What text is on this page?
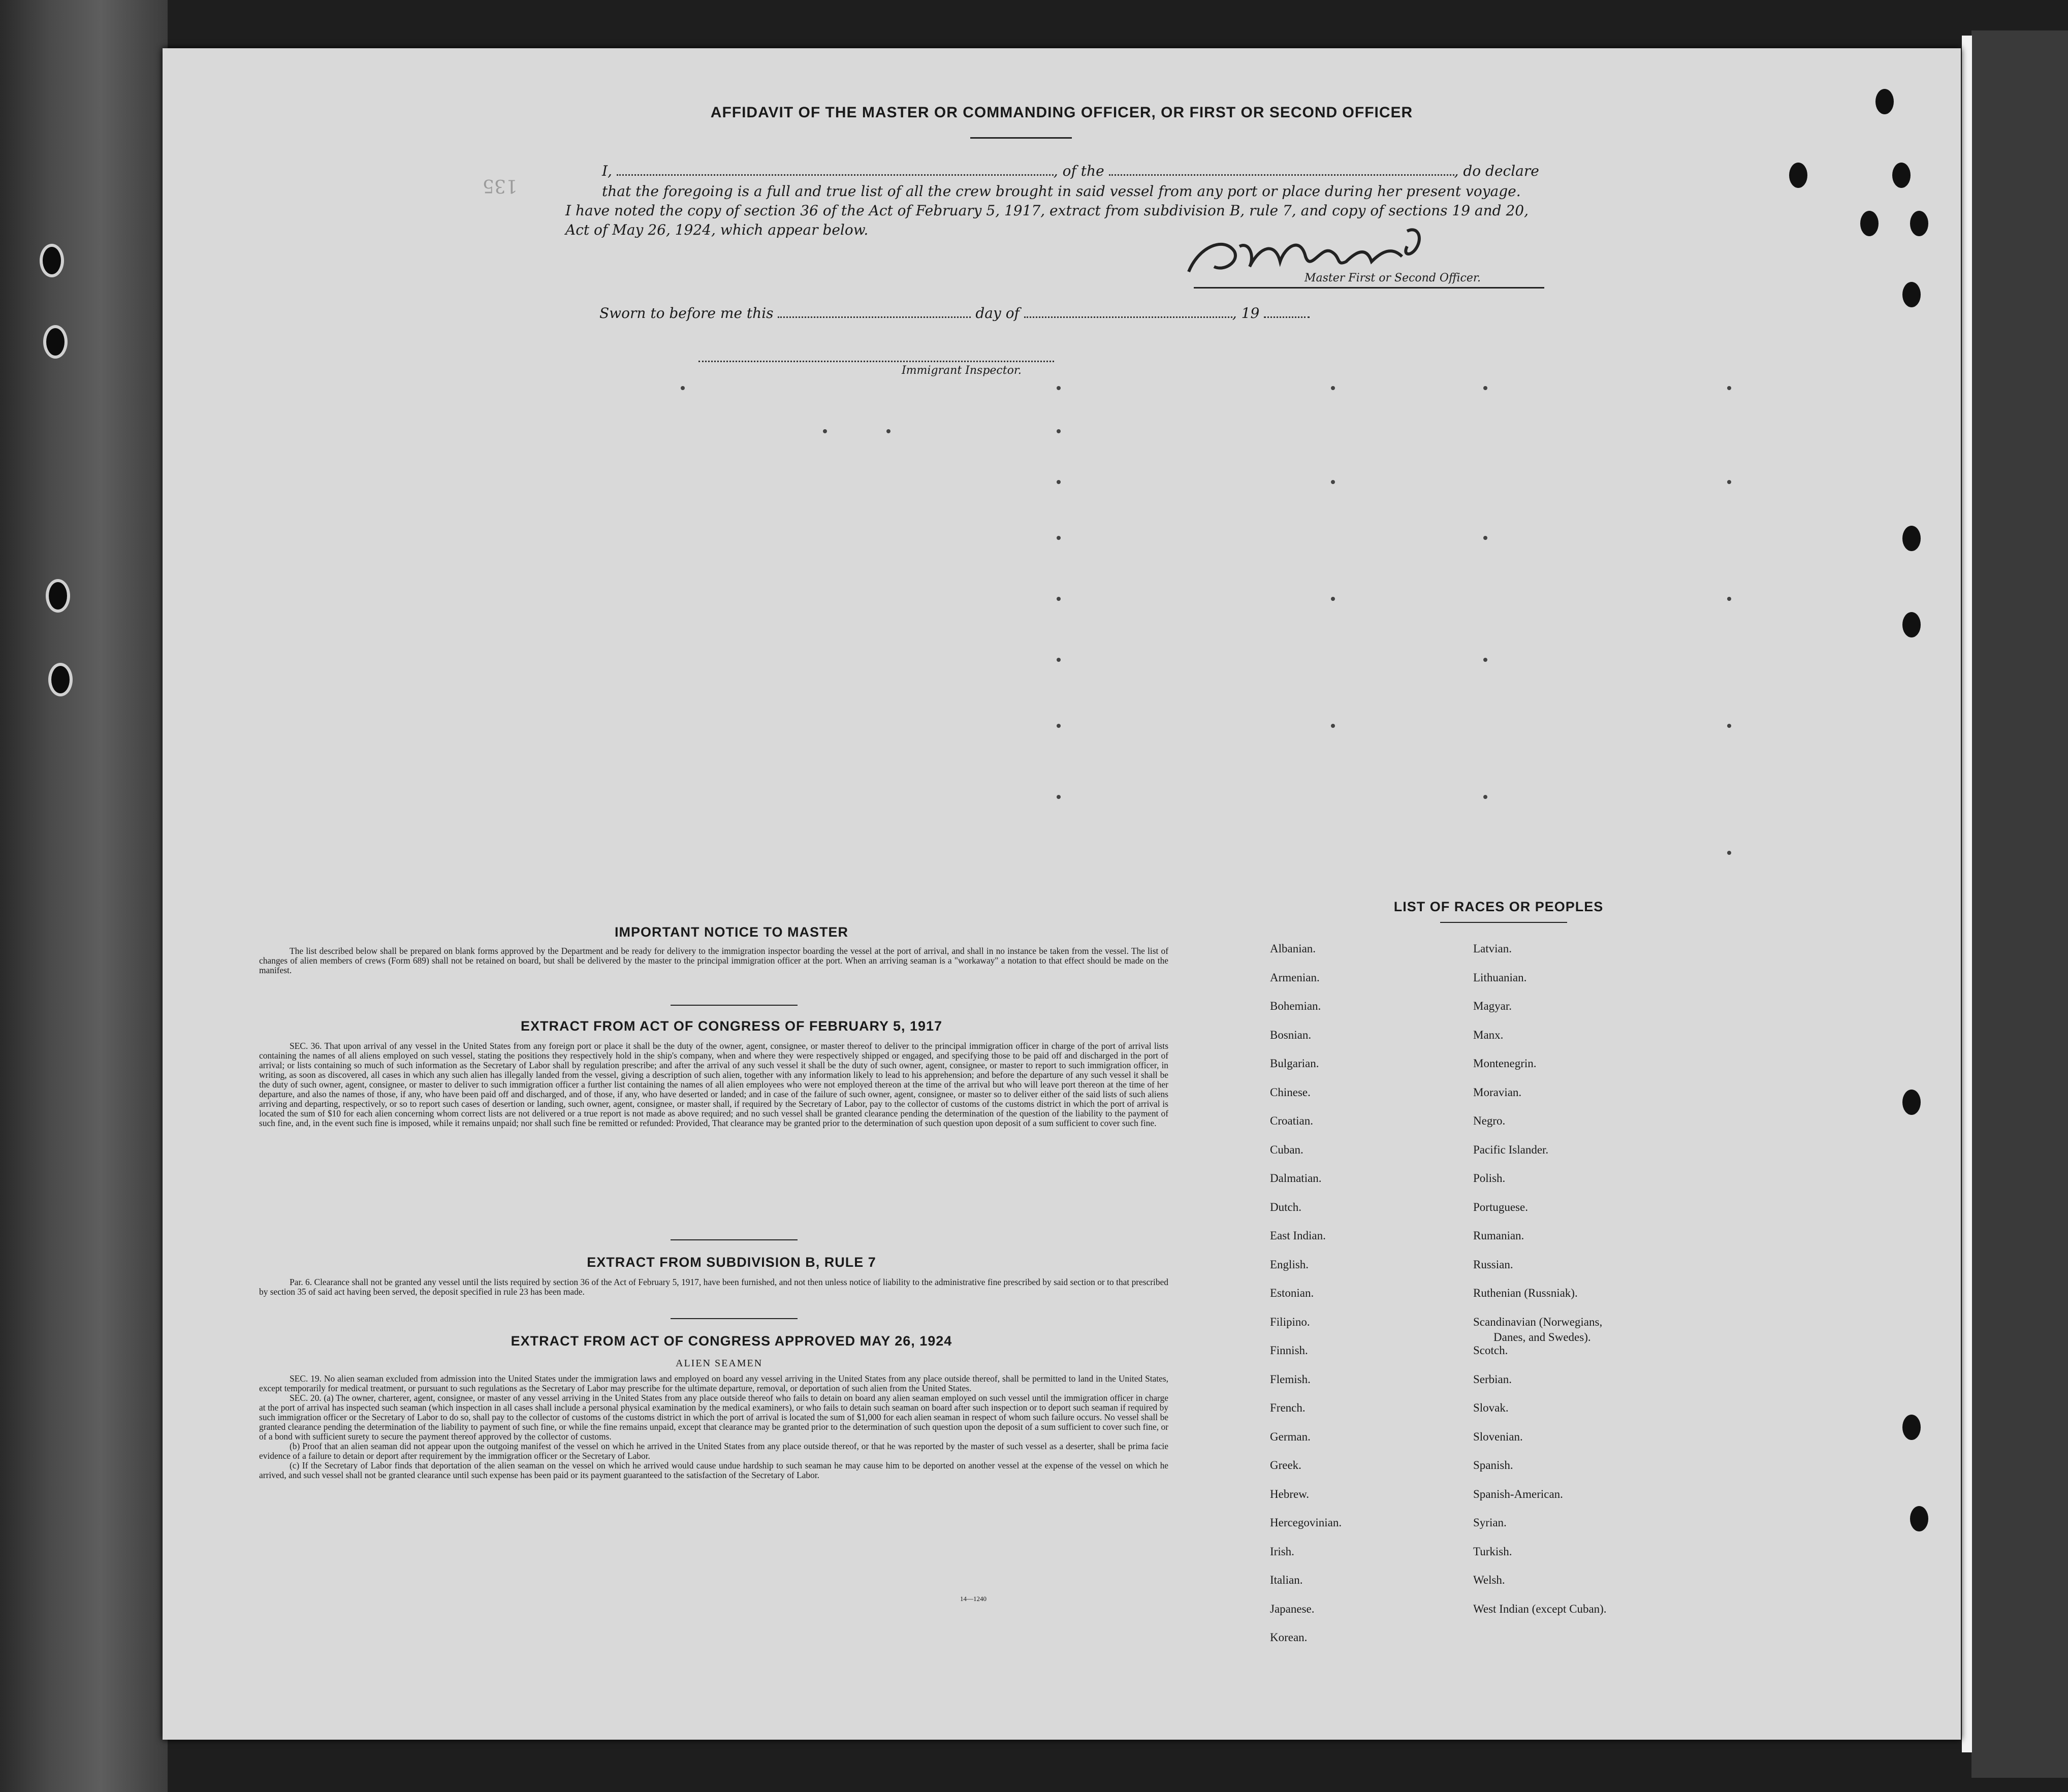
AFFIDAVIT OF THE MASTER OR COMMANDING OFFICER, OR FIRST OR SECOND OFFICER
135
I,	, of the	, do declare
that the foregoing is a full and true list of all the crew brought in said vessel from any port or place during her present voyage.
I have noted the copy of section 36 of the Act of February 5, 1917, extract from subdivision B, rule 7, and copy of sections 19 and 20,
Act of May 26, 1924, which appear below.
Master First or Second Officer.
Sworn to before me this	day of	, 19
Immigrant Inspector.
IMPORTANT NOTICE TO MASTER
The list described below shall be prepared on blank forms approved by the Department and be ready for delivery to the immigration inspector boarding the vessel at the port of arrival, and shall in no instance be taken from the vessel. The list of changes of alien members of crews (Form 689) shall not be retained on board, but shall be delivered by the master to the principal immigration officer at the port. When an arriving seaman is a "workaway" a notation to that effect should be made on the manifest.
EXTRACT FROM ACT OF CONGRESS OF FEBRUARY 5, 1917
SEC. 36. That upon arrival of any vessel in the United States from any foreign port or place it shall be the duty of the owner, agent, consignee, or master thereof to deliver to the principal immigration officer in charge of the port of arrival lists containing the names of all aliens employed on such vessel, stating the positions they respectively hold in the ship's company, when and where they were respectively shipped or engaged, and specifying those to be paid off and discharged in the port of arrival; or lists containing so much of such information as the Secretary of Labor shall by regulation prescribe; and after the arrival of any such vessel it shall be the duty of such owner, agent, consignee, or master to report to such immigration officer, in writing, as soon as discovered, all cases in which any such alien has illegally landed from the vessel, giving a description of such alien, together with any information likely to lead to his apprehension; and before the departure of any such vessel it shall be the duty of such owner, agent, consignee, or master to deliver to such immigration officer a further list containing the names of all alien employees who were not employed thereon at the time of the arrival but who will leave port thereon at the time of her departure, and also the names of those, if any, who have been paid off and discharged, and of those, if any, who have deserted or landed; and in case of the failure of such owner, agent, consignee, or master so to deliver either of the said lists of such aliens arriving and departing, respectively, or so to report such cases of desertion or landing, such owner, agent, consignee, or master shall, if required by the Secretary of Labor, pay to the collector of customs of the customs district in which the port of arrival is located the sum of $10 for each alien concerning whom correct lists are not delivered or a true report is not made as above required; and no such vessel shall be granted clearance pending the determination of the question of the liability to the payment of such fine, and, in the event such fine is imposed, while it remains unpaid; nor shall such fine be remitted or refunded: Provided, That clearance may be granted prior to the determination of such question upon deposit of a sum sufficient to cover such fine.
EXTRACT FROM SUBDIVISION B, RULE 7
Par. 6. Clearance shall not be granted any vessel until the lists required by section 36 of the Act of February 5, 1917, have been furnished, and not then unless notice of liability to the administrative fine prescribed by said section or to that prescribed by section 35 of said act having been served, the deposit specified in rule 23 has been made.
EXTRACT FROM ACT OF CONGRESS APPROVED MAY 26, 1924
ALIEN SEAMEN

SEC. 19. No alien seaman excluded from admission into the United States under the immigration laws and employed on board any vessel arriving in the United States from any place outside thereof, shall be permitted to land in the United States, except temporarily for medical treatment, or pursuant to such regulations as the Secretary of Labor may prescribe for the ultimate departure, removal, or deportation of such alien from the United States.

SEC. 20. (a) The owner, charterer, agent, consignee, or master of any vessel arriving in the United States from any place outside thereof who fails to detain on board any alien seaman employed on such vessel until the immigration officer in charge at the port of arrival has inspected such seaman (which inspection in all cases shall include a personal physical examination by the medical examiners), or who fails to detain such seaman on board after such inspection or to deport such seaman if required by such immigration officer or the Secretary of Labor to do so, shall pay to the collector of customs of the customs district in which the port of arrival is located the sum of $1,000 for each alien seaman in respect of whom such failure occurs. No vessel shall be granted clearance pending the determination of the liability to payment of such fine, or while the fine remains unpaid, except that clearance may be granted prior to the determination of such question upon the deposit of a sum sufficient to cover such fine, or of a bond with sufficient surety to secure the payment thereof approved by the collector of customs.

(b) Proof that an alien seaman did not appear upon the outgoing manifest of the vessel on which he arrived in the United States from any place outside thereof, or that he was reported by the master of such vessel as a deserter, shall be prima facie evidence of a failure to detain or deport after requirement by the immigration officer or the Secretary of Labor.

(c) If the Secretary of Labor finds that deportation of the alien seaman on the vessel on which he arrived would cause undue hardship to such seaman he may cause him to be deported on another vessel at the expense of the vessel on which he arrived, and such vessel shall not be granted clearance until such expense has been paid or its payment guaranteed to the satisfaction of the Secretary of Labor.

14—1240
LIST OF RACES OR PEOPLES
Albanian.
Armenian.
Bohemian.
Bosnian.
Bulgarian.
Chinese.
Croatian.
Cuban.
Dalmatian.
Dutch.
East Indian.
English.
Estonian.
Filipino.
Finnish.
Flemish.
French.
German.
Greek.
Hebrew.
Hercegovinian.
Irish.
Italian.
Japanese.
Korean.
Latvian.
Lithuanian.
Magyar.
Manx.
Montenegrin.
Moravian.
Negro.
Pacific Islander.
Polish.
Portuguese.
Rumanian.
Russian.
Ruthenian (Russniak).
Scandinavian (Norwegians,
Danes, and Swedes).
Scotch.
Serbian.
Slovak.
Slovenian.
Spanish.
Spanish-American.
Syrian.
Turkish.
Welsh.
West Indian (except Cuban).
